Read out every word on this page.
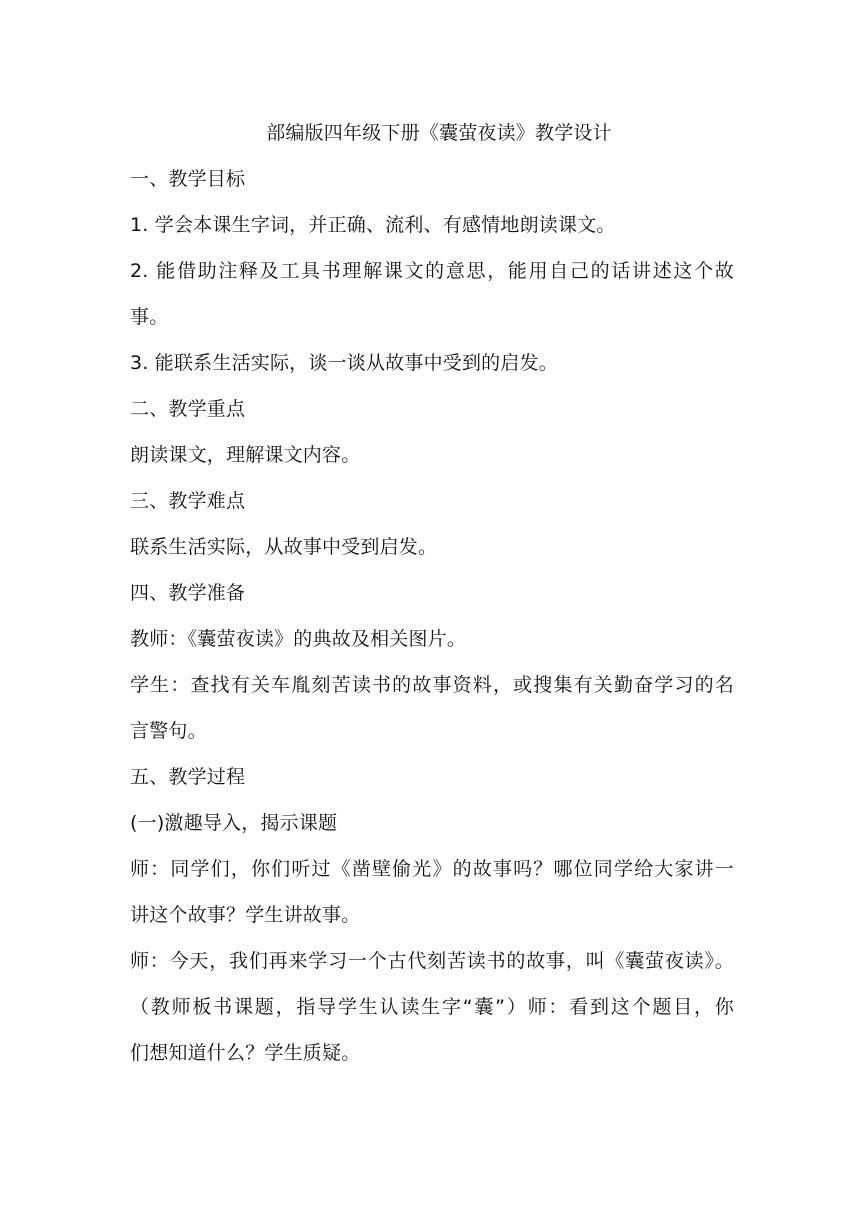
部编版四年级下册《囊萤夜读》教学设计
一、教学目标
1. 学会本课生字词，并正确、流利、有感情地朗读课文。
2. 能借助注释及工具书理解课文的意思，能用自己的话讲述这个故
事。
3. 能联系生活实际，谈一谈从故事中受到的启发。
二、教学重点
朗读课文，理解课文内容。
三、教学难点
联系生活实际，从故事中受到启发。
四、教学准备
教师：《囊萤夜读》的典故及相关图片。
学生：查找有关车胤刻苦读书的故事资料，或搜集有关勤奋学习的名
言警句。
五、教学过程
(一)激趣导入，揭示课题
师：同学们，你们听过《凿壁偷光》的故事吗？哪位同学给大家讲一
讲这个故事？学生讲故事。
师：今天，我们再来学习一个古代刻苦读书的故事，叫《囊萤夜读》。
（教师板书课题，指导学生认读生字“囊”）师：看到这个题目，你
们想知道什么？学生质疑。
